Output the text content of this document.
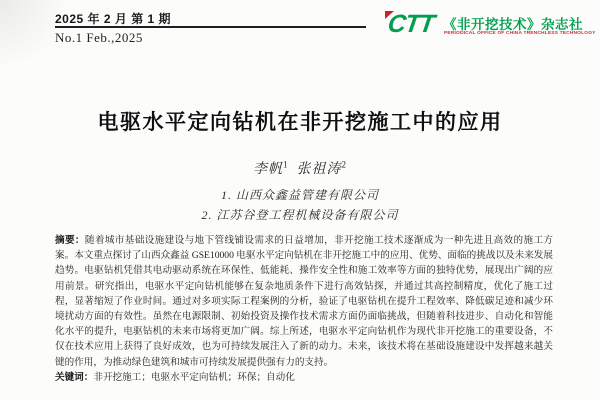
2025 年 2 月 第 1 期
No.1 Feb.,2025	CTT 《非开挖技术》杂志社
PERIODICAL OFFICE OF CHINA TRENCHLESS TECHNOLOGY
电驱水平定向钻机在非开挖施工中的应用
李帆$^1$ 张祖涛$^2$
1. 山西众鑫益管建有限公司
2. 江苏谷登工程机械设备有限公司

摘要：随着城市基础设施建设与地下管线铺设需求的日益增加，非开挖施工技术逐渐成为一种先进且高效的施工方案。本文重点探讨了山西众鑫益 GSE10000 电驱水平定向钻机在非开挖施工中的应用、优势、面临的挑战以及未来发展趋势。电驱钻机凭借其电动驱动系统在环保性、低能耗、操作安全性和施工效率等方面的独特优势，展现出广阔的应用前景。研究指出，电驱水平定向钻机能够在复杂地质条件下进行高效钻探，并通过其高控制精度，优化了施工过程，显著缩短了作业时间。通过对多项实际工程案例的分析，验证了电驱钻机在提升工程效率、降低碳足迹和减少环境扰动方面的有效性。虽然在电源限制、初始投资及操作技术需求方面仍面临挑战，但随着科技进步、自动化和智能化水平的提升，电驱钻机的未来市场将更加广阔。综上所述，电驱水平定向钻机作为现代非开挖施工的重要设备，不仅在技术应用上获得了良好成效，也为可持续发展注入了新的动力。未来，该技术将在基础设施建设中发挥越来越关键的作用，为推动绿色建筑和城市可持续发展提供强有力的支持。

关键词：非开挖施工；电驱水平定向钻机；环保；自动化
